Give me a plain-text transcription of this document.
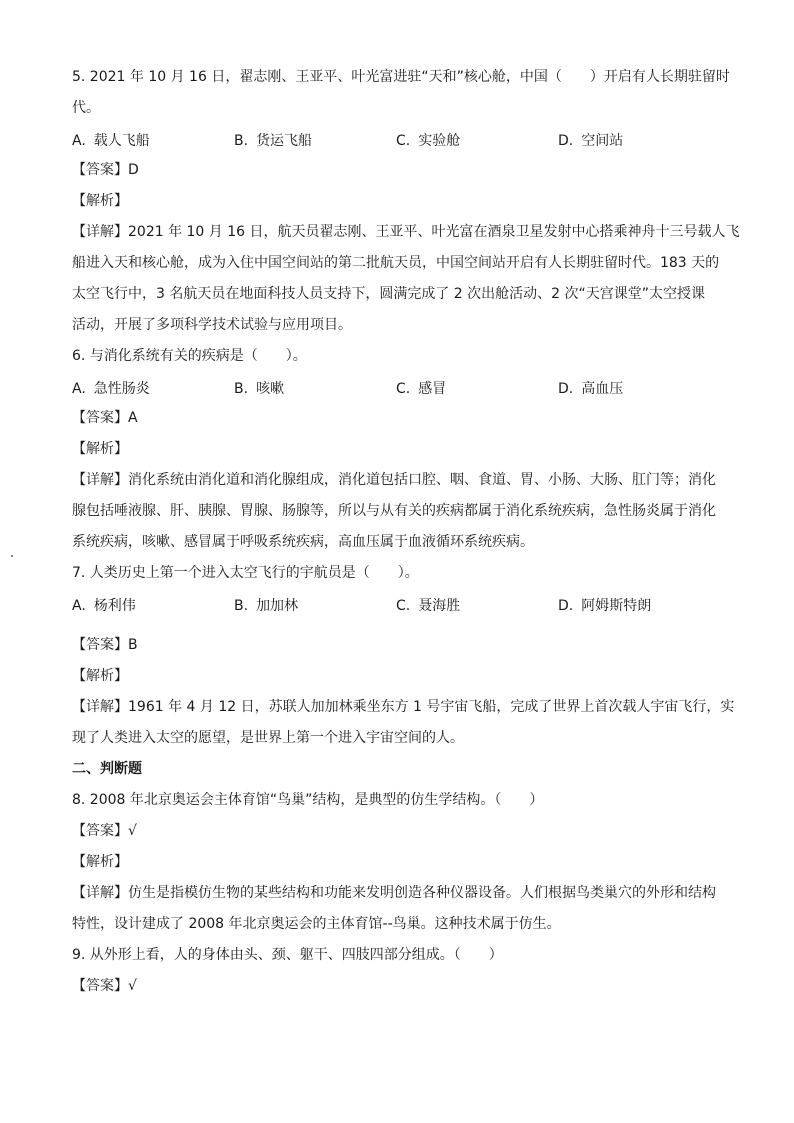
5. 2021 年 10 月 16 日，翟志刚、王亚平、叶光富进驻“天和”核心舱，中国（　　）开启有人长期驻留时

代。

A. 载人飞船	B. 货运飞船	C. 实验舱	D. 空间站

【答案】D

【解析】

【详解】2021 年 10 月 16 日，航天员翟志刚、王亚平、叶光富在酒泉卫星发射中心搭乘神舟十三号载人飞

船进入天和核心舱，成为入住中国空间站的第二批航天员，中国空间站开启有人长期驻留时代。183 天的

太空飞行中，3 名航天员在地面科技人员支持下，圆满完成了 2 次出舱活动、2 次“天宫课堂”太空授课

活动，开展了多项科学技术试验与应用项目。

6. 与消化系统有关的疾病是（　　）。

A. 急性肠炎	B. 咳嗽	C. 感冒	D. 高血压

【答案】A

【解析】

【详解】消化系统由消化道和消化腺组成，消化道包括口腔、咽、食道、胃、小肠、大肠、肛门等；消化

腺包括唾液腺、肝、胰腺、胃腺、肠腺等，所以与从有关的疾病都属于消化系统疾病，急性肠炎属于消化

系统疾病，咳嗽、感冒属于呼吸系统疾病，高血压属于血液循环系统疾病。

7. 人类历史上第一个进入太空飞行的宇航员是（　　）。

A. 杨利伟	B. 加加林	C. 聂海胜	D. 阿姆斯特朗

【答案】B

【解析】

【详解】1961 年 4 月 12 日，苏联人加加林乘坐东方 1 号宇宙飞船，完成了世界上首次载人宇宙飞行，实

现了人类进入太空的愿望，是世界上第一个进入宇宙空间的人。

二、判断题

8. 2008 年北京奥运会主体育馆“鸟巢”结构，是典型的仿生学结构。（　　）

【答案】√

【解析】

【详解】仿生是指模仿生物的某些结构和功能来发明创造各种仪器设备。人们根据鸟类巢穴的外形和结构

特性，设计建成了 2008 年北京奥运会的主体育馆--鸟巢。这种技术属于仿生。

9. 从外形上看，人的身体由头、颈、躯干、四肢四部分组成。（　　）

【答案】√
